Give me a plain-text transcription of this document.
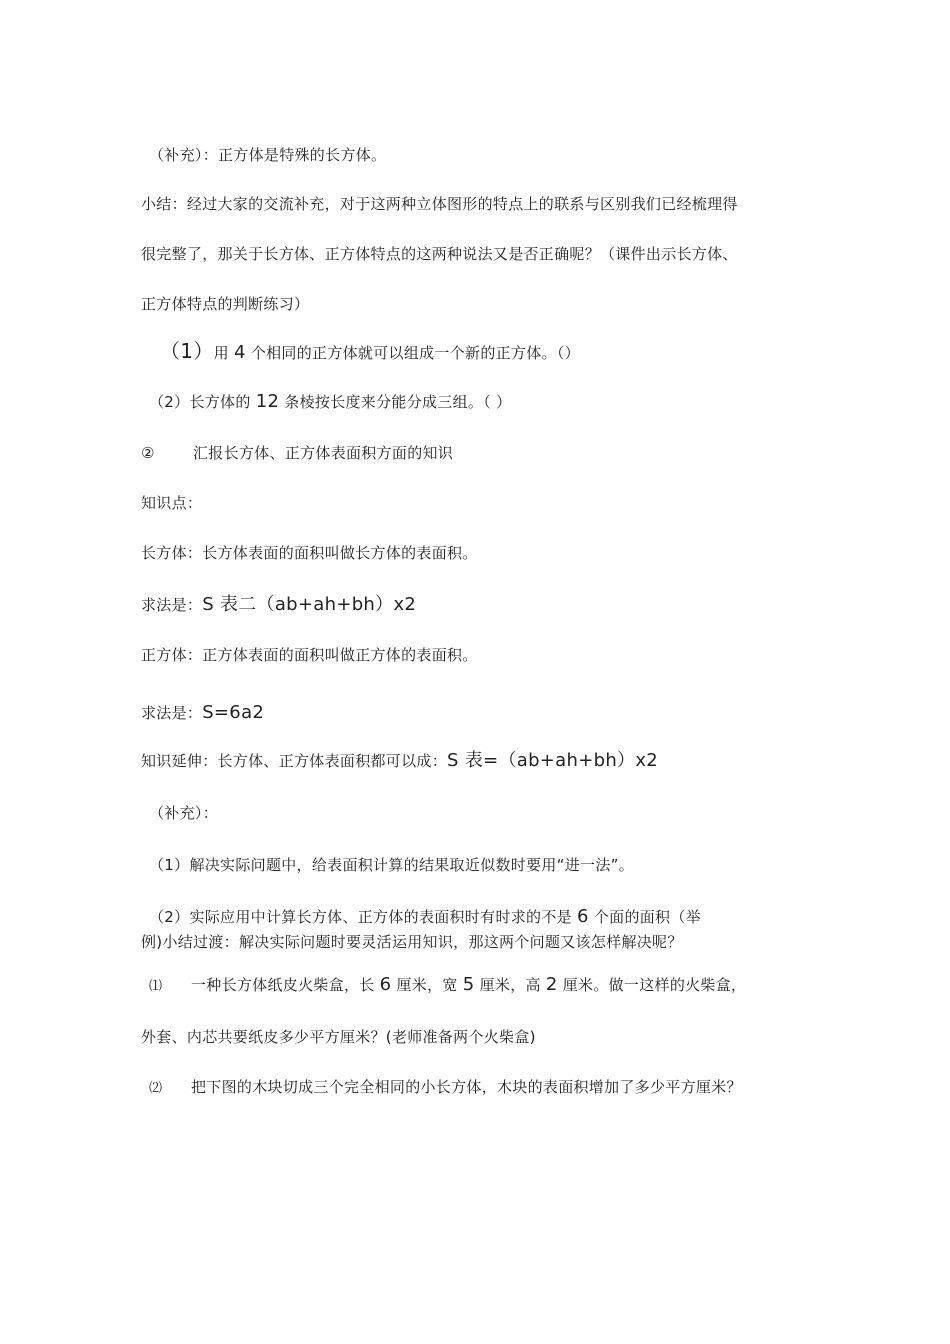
（补充）：正方体是特殊的长方体。
小结：经过大家的交流补充，对于这两种立体图形的特点上的联系与区别我们已经梳理得
很完整了，那关于长方体、正方体特点的这两种说法又是否正确呢？（课件出示长方体、
正方体特点的判断练习）
（1）用 4 个相同的正方体就可以组成一个新的正方体。（）
（2）长方体的 12 条棱按长度来分能分成三组。（ ）
②	汇报长方体、正方体表面积方面的知识
知识点：
长方体：长方体表面的面积叫做长方体的表面积。
求法是：S 表二（ab+ah+bh）x2
正方体：正方体表面的面积叫做正方体的表面积。
求法是：S=6a2
知识延伸：长方体、正方体表面积都可以成：S 表=（ab+ah+bh）x2
（补充）：
（1）解决实际问题中，给表面积计算的结果取近似数时要用“进一法”。
（2）实际应用中计算长方体、正方体的表面积时有时求的不是 6 个面的面积（举
例)小结过渡：解决实际问题时要灵活运用知识，那这两个问题又该怎样解决呢？
⑴ 一种长方体纸皮火柴盒，长 6 厘米，宽 5 厘米，高 2 厘米。做一这样的火柴盒，
外套、内芯共要纸皮多少平方厘米？(老师准备两个火柴盒)
⑵ 把下图的木块切成三个完全相同的小长方体，木块的表面积增加了多少平方厘米？
